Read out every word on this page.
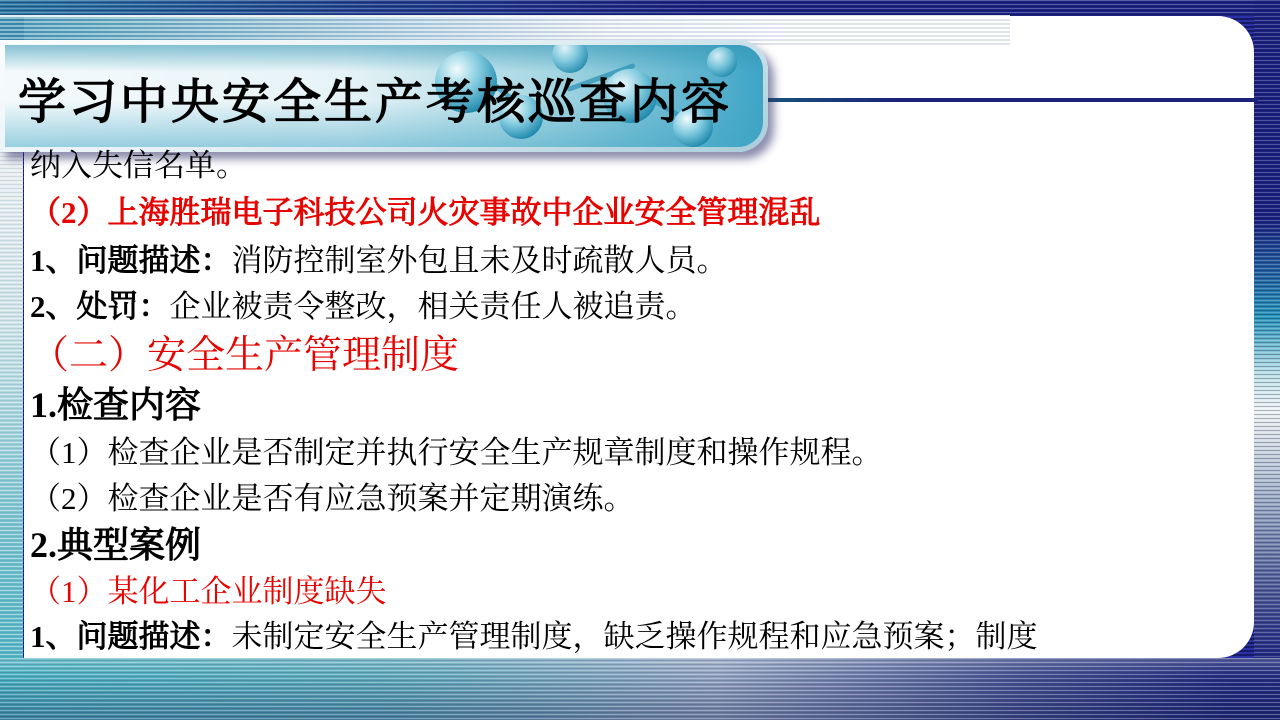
学习中央安全生产考核巡查内容

纳入失信名单。

（2）上海胜瑞电子科技公司火灾事故中企业安全管理混乱

1、问题描述：消防控制室外包且未及时疏散人员。

2、处罚：企业被责令整改，相关责任人被追责。

（二）安全生产管理制度

1.检查内容

（1）检查企业是否制定并执行安全生产规章制度和操作规程。

（2）检查企业是否有应急预案并定期演练。

2.典型案例

（1）某化工企业制度缺失

1、问题描述：未制定安全生产管理制度，缺乏操作规程和应急预案；制度
